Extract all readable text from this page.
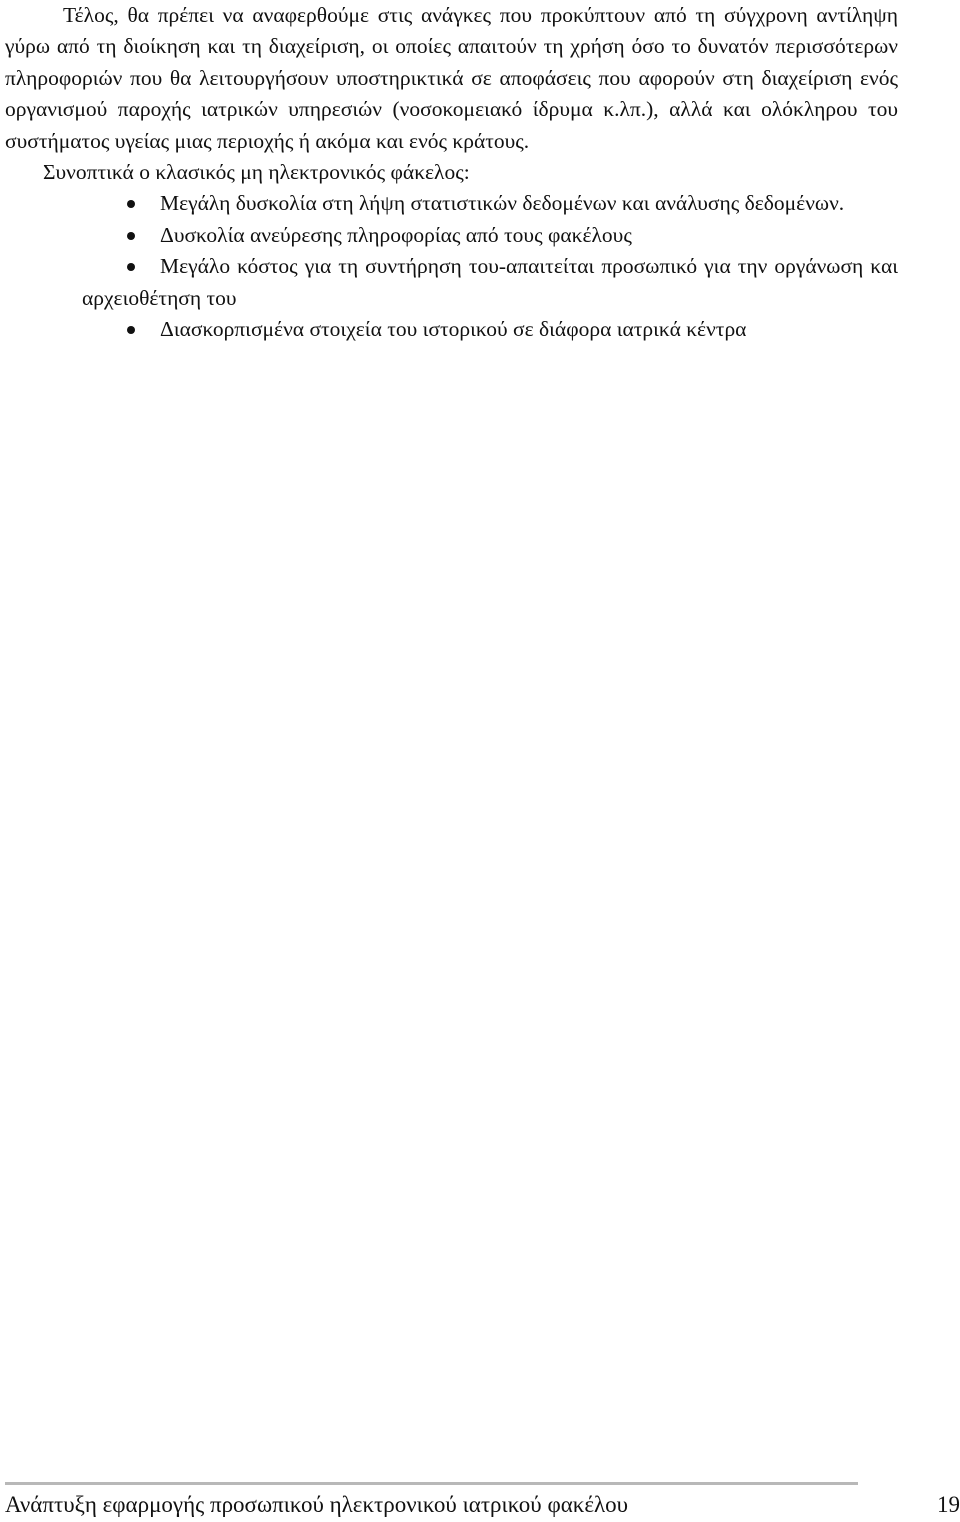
Τέλος, θα πρέπει να αναφερθούμε στις ανάγκες που προκύπτουν από τη σύγχρονη αντίληψη γύρω από τη διοίκηση και τη διαχείριση, οι οποίες απαιτούν τη χρήση όσο το δυνατόν περισσότερων πληροφοριών που θα λειτουργήσουν υποστηρικτικά σε αποφάσεις που αφορούν στη διαχείριση ενός οργανισμού παροχής ιατρικών υπηρεσιών (νοσοκομειακό ίδρυμα κ.λπ.), αλλά και ολόκληρου του συστήματος υγείας μιας περιοχής ή ακόμα και ενός κράτους.

Συνοπτικά ο κλασικός μη ηλεκτρονικός φάκελος:

Μεγάλη δυσκολία στη λήψη στατιστικών δεδομένων και ανάλυσης δεδομένων.

Δυσκολία ανεύρεσης πληροφορίας από τους φακέλους

Μεγάλο κόστος για τη συντήρηση του-απαιτείται προσωπικό για την οργάνωση και αρχειοθέτηση του

Διασκορπισμένα στοιχεία του ιστορικού σε διάφορα ιατρικά κέντρα

Ανάπτυξη εφαρμογής προσωπικού ηλεκτρονικού ιατρικού φακέλου	19
